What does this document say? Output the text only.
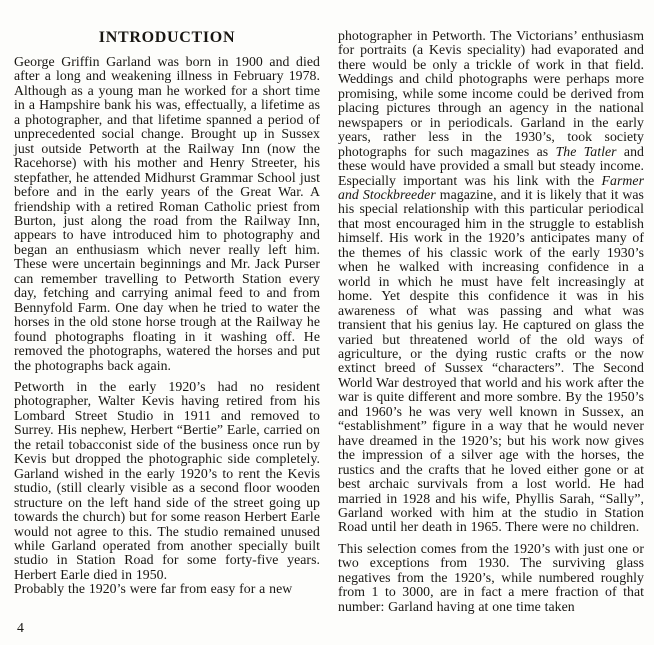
INTRODUCTION

George Griffin Garland was born in 1900 and died after a long and weakening illness in February 1978. Although as a young man he worked for a short time in a Hampshire bank his was, effectually, a lifetime as a photographer, and that lifetime spanned a period of unprecedented social change. Brought up in Sussex just outside Petworth at the Railway Inn (now the Racehorse) with his mother and Henry Streeter, his stepfather, he attended Midhurst Grammar School just before and in the early years of the Great War. A friendship with a retired Roman Catholic priest from Burton, just along the road from the Railway Inn, appears to have introduced him to photography and began an enthusiasm which never really left him. These were uncertain beginnings and Mr. Jack Purser can remember travelling to Petworth Station every day, fetching and carrying animal feed to and from Bennyfold Farm. One day when he tried to water the horses in the old stone horse trough at the Railway he found photographs floating in it washing off. He removed the photographs, watered the horses and put the photographs back again.

Petworth in the early 1920’s had no resident photographer, Walter Kevis having retired from his Lombard Street Studio in 1911 and removed to Surrey. His nephew, Herbert “Bertie” Earle, carried on the retail tobacconist side of the business once run by Kevis but dropped the photographic side completely. Garland wished in the early 1920’s to rent the Kevis studio, (still clearly visible as a second floor wooden structure on the left hand side of the street going up towards the church) but for some reason Herbert Earle would not agree to this. The studio remained unused while Garland operated from another specially built studio in Station Road for some forty-five years. Herbert Earle died in 1950.

Probably the 1920’s were far from easy for a new

photographer in Petworth. The Victorians’ enthusiasm for portraits (a Kevis speciality) had evaporated and there would be only a trickle of work in that field. Weddings and child photographs were perhaps more promising, while some income could be derived from placing pictures through an agency in the national newspapers or in periodicals. Garland in the early years, rather less in the 1930’s, took society photographs for such magazines as The Tatler and these would have provided a small but steady income. Especially important was his link with the Farmer and Stockbreeder magazine, and it is likely that it was his special relationship with this particular periodical that most encouraged him in the struggle to establish himself. His work in the 1920’s anticipates many of the themes of his classic work of the early 1930’s when he walked with increasing confidence in a world in which he must have felt increasingly at home. Yet despite this confidence it was in his awareness of what was passing and what was transient that his genius lay. He captured on glass the varied but threatened world of the old ways of agriculture, or the dying rustic crafts or the now extinct breed of Sussex “characters”. The Second World War destroyed that world and his work after the war is quite different and more sombre. By the 1950’s and 1960’s he was very well known in Sussex, an “establishment” figure in a way that he would never have dreamed in the 1920’s; but his work now gives the impression of a silver age with the horses, the rustics and the crafts that he loved either gone or at best archaic survivals from a lost world. He had married in 1928 and his wife, Phyllis Sarah, “Sally”, Garland worked with him at the studio in Station Road until her death in 1965. There were no children.

This selection comes from the 1920’s with just one or two exceptions from 1930. The surviving glass negatives from the 1920’s, while numbered roughly from 1 to 3000, are in fact a mere fraction of that number: Garland having at one time taken

4
